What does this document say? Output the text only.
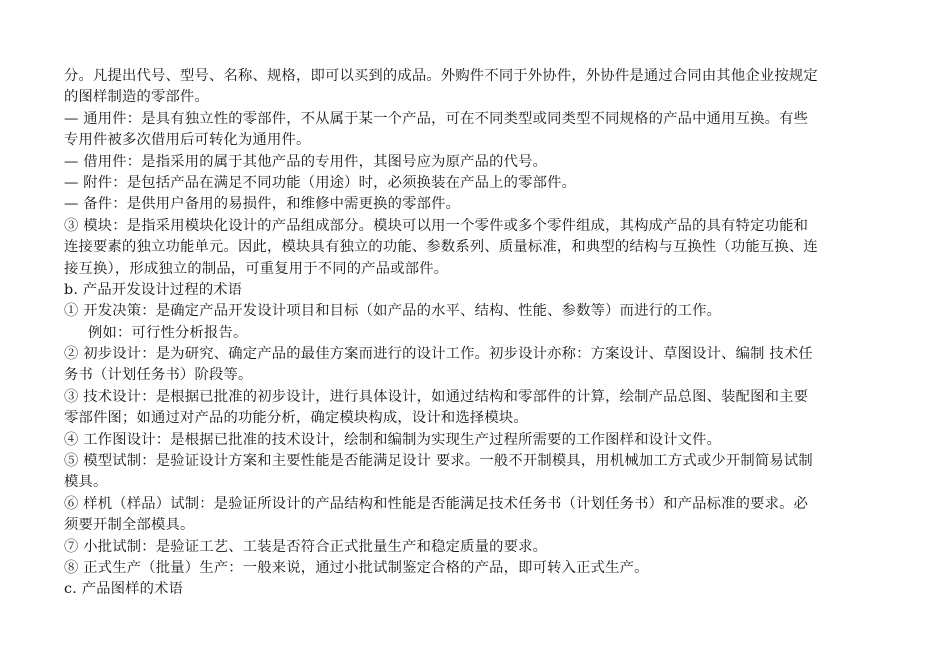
分。凡提出代号、型号、名称、规格，即可以买到的成品。外购件不同于外协件，外协件是通过合同由其他企业按规定
的图样制造的零部件。
— 通用件：是具有独立性的零部件，不从属于某一个产品，可在不同类型或同类型不同规格的产品中通用互换。有些
专用件被多次借用后可转化为通用件。
— 借用件：是指采用的属于其他产品的专用件，其图号应为原产品的代号。
— 附件：是包括产品在满足不同功能（用途）时，必须换装在产品上的零部件。
— 备件：是供用户备用的易损件，和维修中需更换的零部件。
③ 模块：是指采用模块化设计的产品组成部分。模块可以用一个零件或多个零件组成，其构成产品的具有特定功能和
连接要素的独立功能单元。因此，模块具有独立的功能、参数系列、质量标准，和典型的结构与互换性（功能互换、连
接互换），形成独立的制品，可重复用于不同的产品或部件。
b. 产品开发设计过程的术语
① 开发决策：是确定产品开发设计项目和目标（如产品的水平、结构、性能、参数等）而进行的工作。
例如：可行性分析报告。
② 初步设计：是为研究、确定产品的最佳方案而进行的设计工作。初步设计亦称：方案设计、草图设计、编制 技术任
务书（计划任务书）阶段等。
③ 技术设计：是根据已批准的初步设计，进行具体设计，如通过结构和零部件的计算，绘制产品总图、装配图和主要
零部件图；如通过对产品的功能分析，确定模块构成，设计和选择模块。
④ 工作图设计：是根据已批准的技术设计，绘制和编制为实现生产过程所需要的工作图样和设计文件。
⑤ 模型试制：是验证设计方案和主要性能是否能满足设计 要求。一般不开制模具，用机械加工方式或少开制简易试制
模具。
⑥ 样机（样品）试制：是验证所设计的产品结构和性能是否能满足技术任务书（计划任务书）和产品标准的要求。必
须要开制全部模具。
⑦ 小批试制：是验证工艺、工装是否符合正式批量生产和稳定质量的要求。
⑧ 正式生产（批量）生产：一般来说，通过小批试制鉴定合格的产品，即可转入正式生产。
c. 产品图样的术语
